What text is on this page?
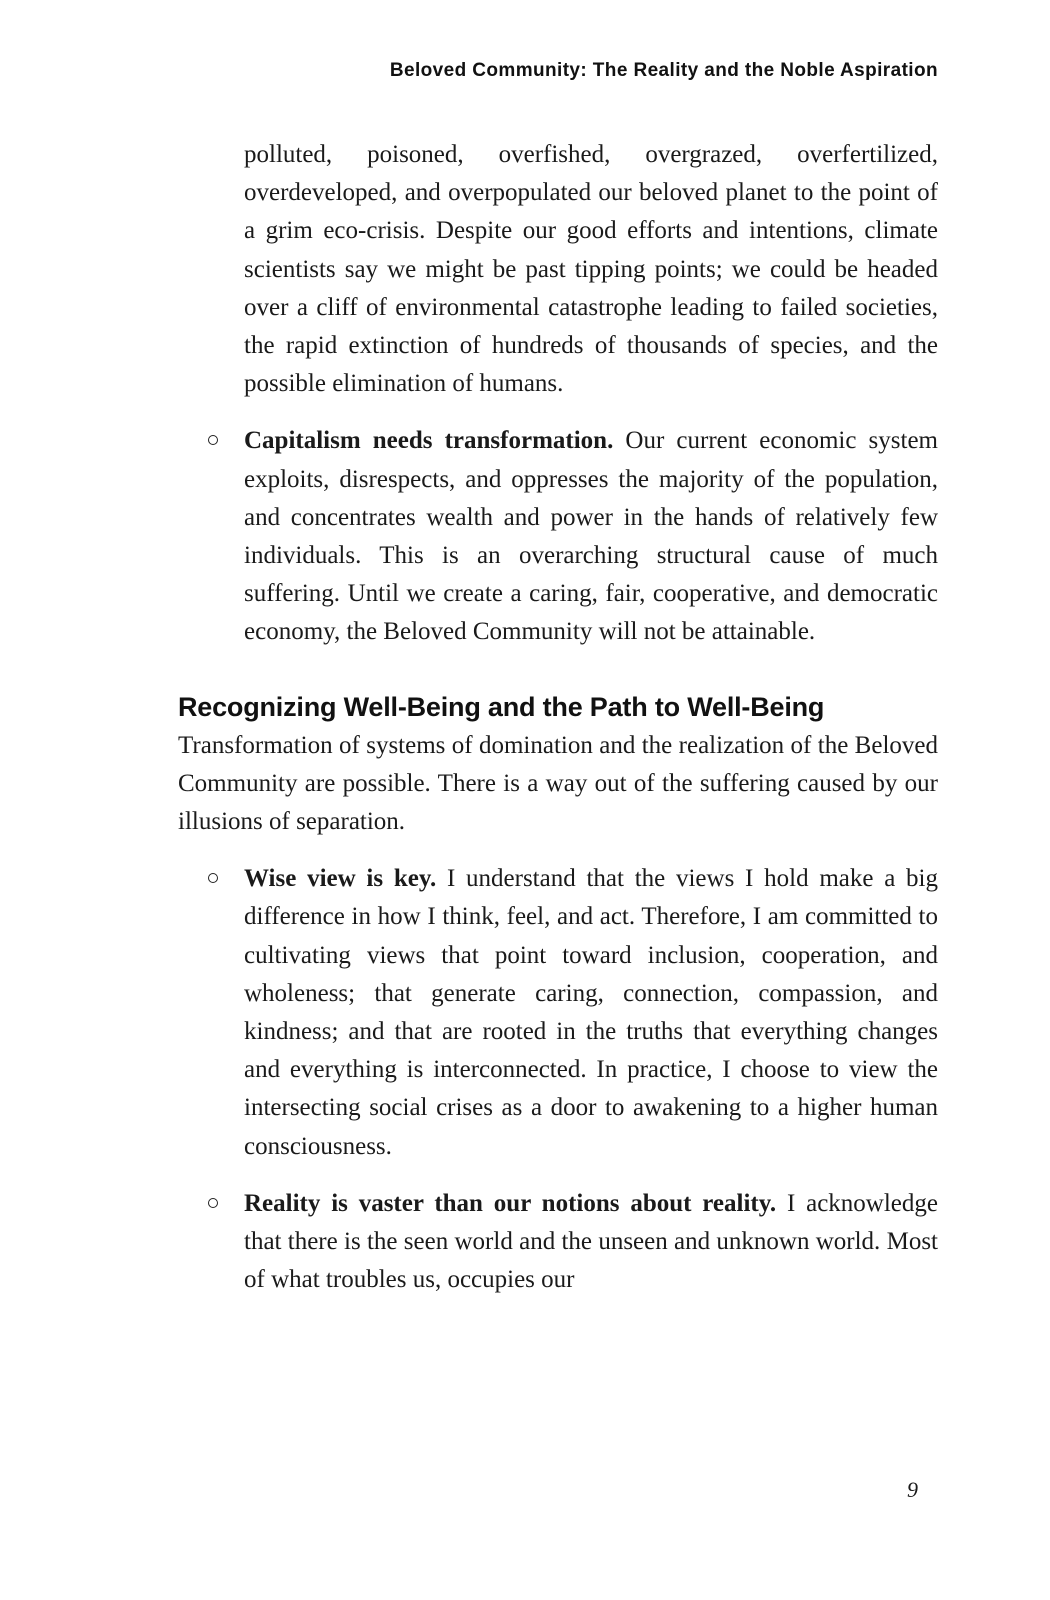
Beloved Community: The Reality and the Noble Aspiration

polluted, poisoned, overfished, overgrazed, overfertilized, overdeveloped, and overpopulated our beloved planet to the point of a grim eco-crisis. Despite our good efforts and intentions, climate scientists say we might be past tipping points; we could be headed over a cliff of environmental catastrophe leading to failed societies, the rapid extinction of hundreds of thousands of species, and the possible elimination of humans.

Capitalism needs transformation. Our current economic system exploits, disrespects, and oppresses the majority of the population, and concentrates wealth and power in the hands of relatively few individuals. This is an overarching structural cause of much suffering. Until we create a caring, fair, cooperative, and democratic economy, the Beloved Community will not be attainable.

Recognizing Well-Being and the Path to Well-Being

Transformation of systems of domination and the realization of the Beloved Community are possible. There is a way out of the suffering caused by our illusions of separation.

Wise view is key. I understand that the views I hold make a big difference in how I think, feel, and act. Therefore, I am committed to cultivating views that point toward inclusion, cooperation, and wholeness; that generate caring, connection, compassion, and kindness; and that are rooted in the truths that everything changes and everything is interconnected. In practice, I choose to view the intersecting social crises as a door to awakening to a higher human consciousness.

Reality is vaster than our notions about reality. I acknowledge that there is the seen world and the unseen and unknown world. Most of what troubles us, occupies our

9
